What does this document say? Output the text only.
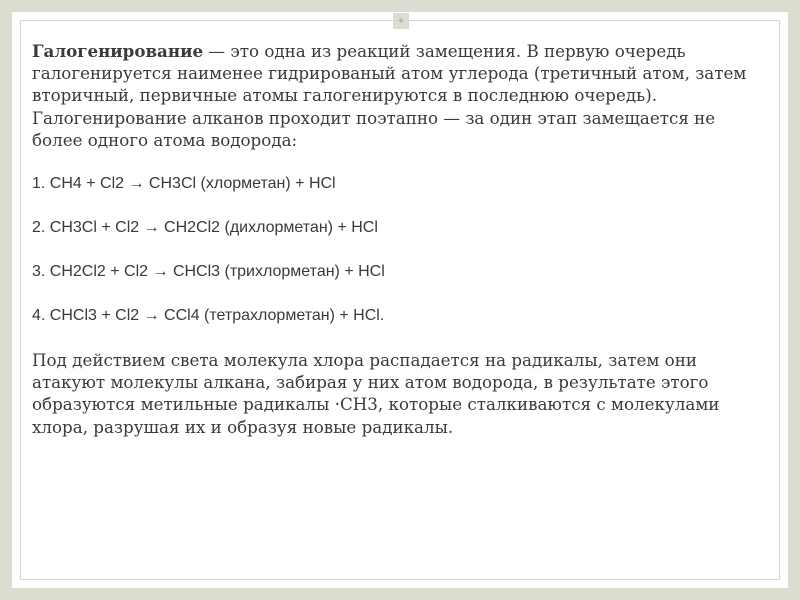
✦

Галогенирование — это одна из реакций замещения. В первую очередь галогенируется наименее гидрированый атом углерода (третичный атом, затем вторичный, первичные атомы галогенируются в последнюю очередь). Галогенирование алканов проходит поэтапно — за один этап замещается не более одного атома водорода:

1. CH4 + Cl2 → CH3Cl (хлорметан) + HCl

2. CH3Cl + Cl2 → CH2Cl2 (дихлорметан) + HCl

3. CH2Cl2 + Cl2 → CHCl3 (трихлорметан) + HCl

4. CHCl3 + Cl2 → CCl4 (тетрахлорметан) + HCl.

Под действием света молекула хлора распадается на радикалы, затем они атакуют молекулы алкана, забирая у них атом водорода, в результате этого образуются метильные радикалы ·СН3, которые сталкиваются с молекулами хлора, разрушая их и образуя новые радикалы.
